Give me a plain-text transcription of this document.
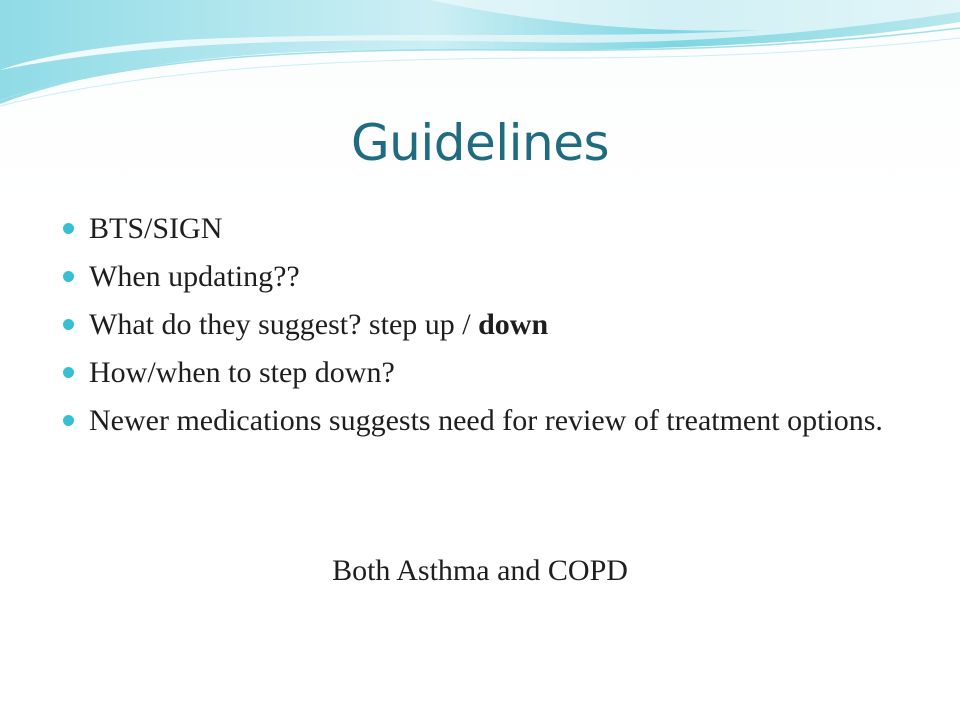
Guidelines
BTS/SIGN
When updating??
What do they suggest? step up / down
How/when to step down?
Newer medications suggests need for review of treatment options.
Both Asthma and COPD
